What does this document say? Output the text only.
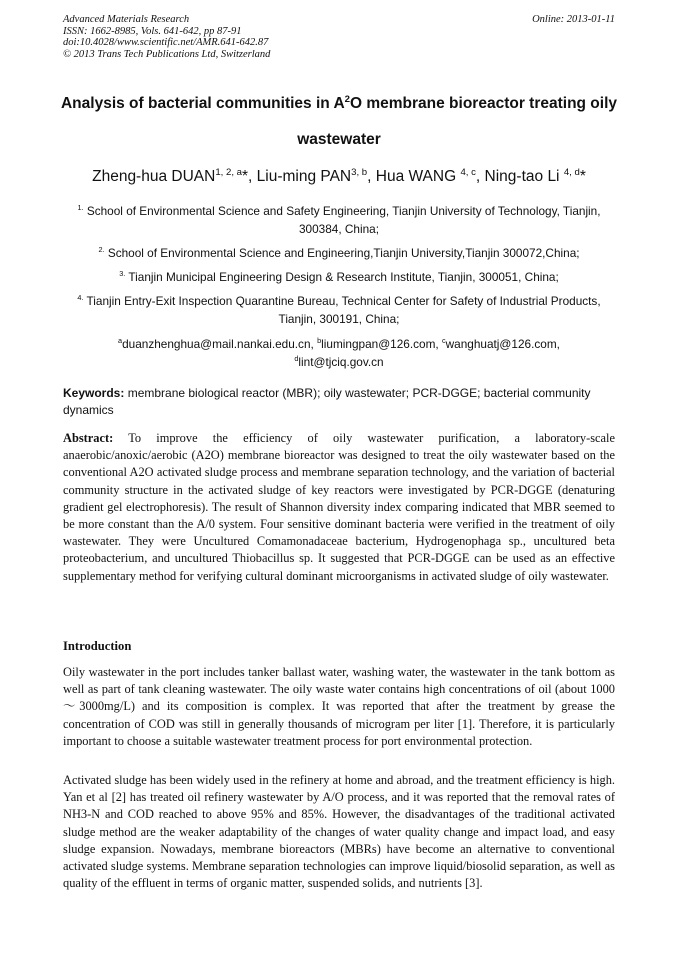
Advanced Materials Research
ISSN: 1662-8985, Vols. 641-642, pp 87-91
doi:10.4028/www.scientific.net/AMR.641-642.87
© 2013 Trans Tech Publications Ltd, Switzerland
Online: 2013-01-11
Analysis of bacterial communities in $A^2O$ membrane bioreactor treating oily wastewater
Zheng-hua DUAN$^{1, 2, a}$*, Liu-ming PAN$^{3, b}$, Hua WANG $^{4, c}$, Ning-tao Li $^{4, d}$*
$^{1.}$ School of Environmental Science and Safety Engineering, Tianjin University of Technology, Tianjin, 300384, China;
$^{2.}$ School of Environmental Science and Engineering,Tianjin University,Tianjin 300072,China;
$^{3.}$ Tianjin Municipal Engineering Design & Research Institute, Tianjin, 300051, China;
$^{4.}$ Tianjin Entry-Exit Inspection Quarantine Bureau, Technical Center for Safety of Industrial Products, Tianjin, 300191, China;
$^a$duanzhenghua@mail.nankai.edu.cn, $^b$liumingpan@126.com, $^c$wanghuatj@126.com,
$^d$lint@tjciq.gov.cn
Keywords: membrane biological reactor (MBR); oily wastewater; PCR-DGGE; bacterial community dynamics
Abstract: To improve the efficiency of oily wastewater purification, a laboratory-scale anaerobic/anoxic/aerobic (A2O) membrane bioreactor was designed to treat the oily wastewater based on the conventional A2O activated sludge process and membrane separation technology, and the variation of bacterial community structure in the activated sludge of key reactors were investigated by PCR-DGGE (denaturing gradient gel electrophoresis). The result of Shannon diversity index comparing indicated that MBR seemed to be more constant than the A/0 system. Four sensitive dominant bacteria were verified in the treatment of oily wastewater. They were Uncultured Comamonadaceae bacterium, Hydrogenophaga sp., uncultured beta proteobacterium, and uncultured Thiobacillus sp. It suggested that PCR-DGGE can be used as an effective supplementary method for verifying cultural dominant microorganisms in activated sludge of oily wastewater.
Introduction
Oily wastewater in the port includes tanker ballast water, washing water, the wastewater in the tank bottom as well as part of tank cleaning wastewater. The oily waste water contains high concentrations of oil (about 1000～3000mg/L) and its composition is complex. It was reported that after the treatment by grease the concentration of COD was still in generally thousands of microgram per liter [1]. Therefore, it is particularly important to choose a suitable wastewater treatment process for port environmental protection.
Activated sludge has been widely used in the refinery at home and abroad, and the treatment efficiency is high. Yan et al [2] has treated oil refinery wastewater by A/O process, and it was reported that the removal rates of NH3-N and COD reached to above 95% and 85%. However, the disadvantages of the traditional activated sludge method are the weaker adaptability of the changes of water quality change and impact load, and easy sludge expansion. Nowadays, membrane bioreactors (MBRs) have become an alternative to conventional activated sludge systems. Membrane separation technologies can improve liquid/biosolid separation, as well as quality of the effluent in terms of organic matter, suspended solids, and nutrients [3].
